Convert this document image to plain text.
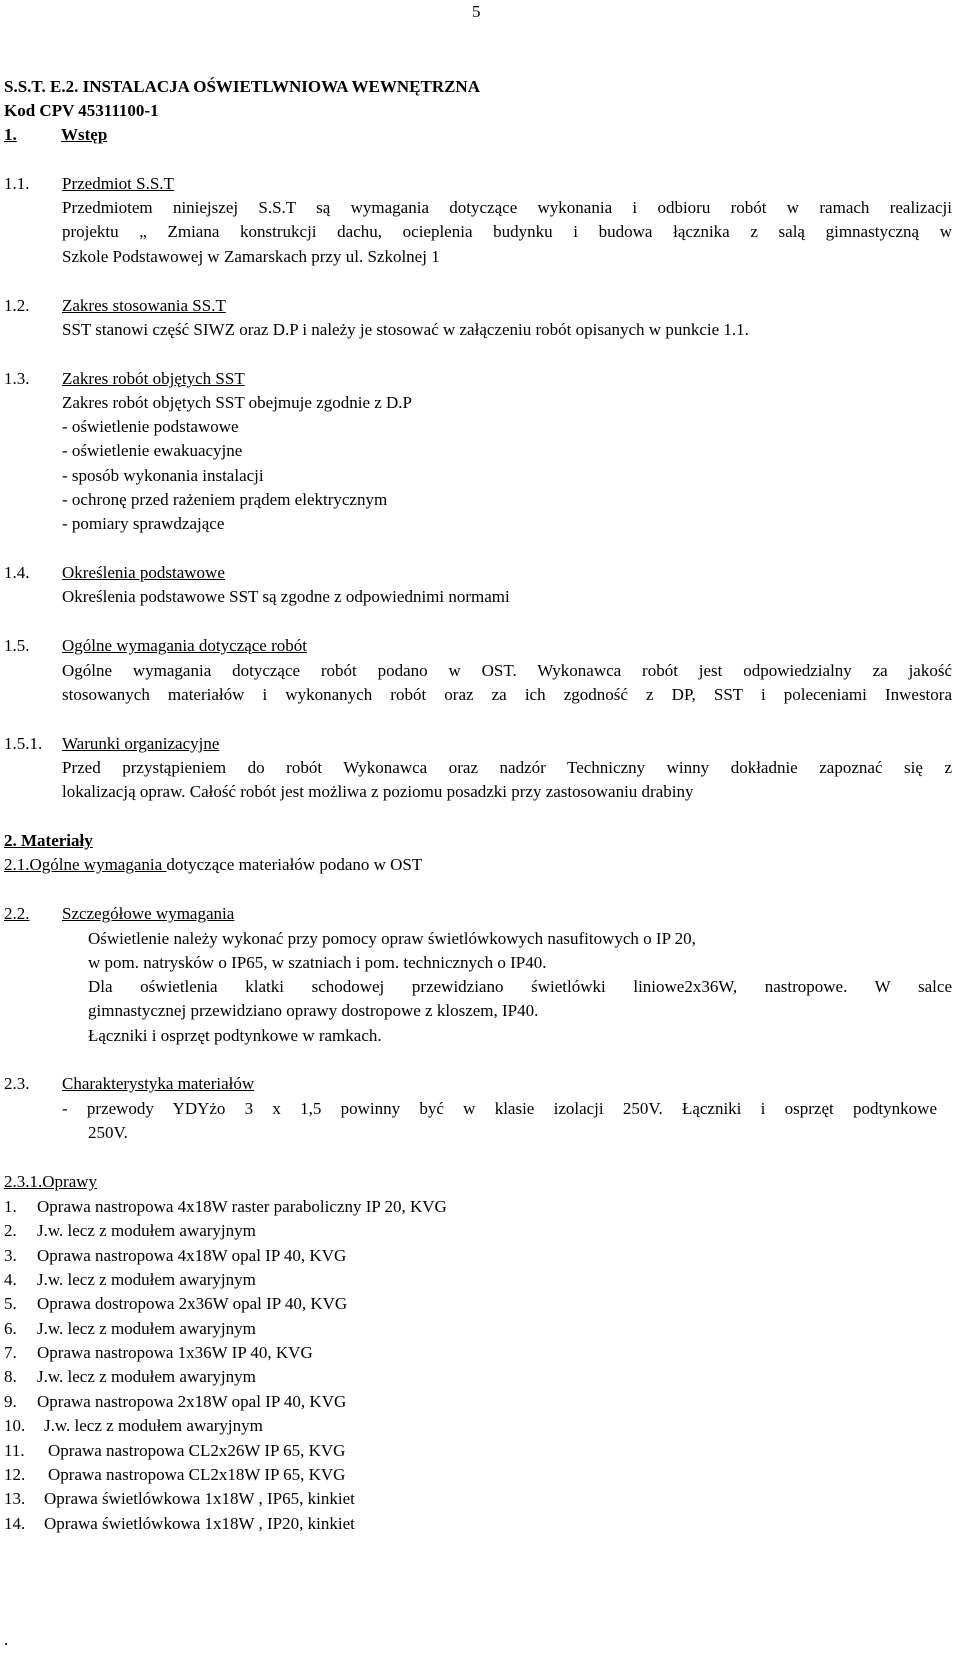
5
S.S.T. E.2. INSTALACJA OŚWIETLWNIOWA WEWNĘTRZNA
Kod CPV 45311100-1
1.	Wstęp
1.1. Przedmiot S.S.T
Przedmiotem niniejszej S.S.T są wymagania dotyczące wykonania i odbioru robót w ramach realizacji
projektu „ Zmiana konstrukcji dachu, ocieplenia budynku i budowa łącznika z salą gimnastyczną w
Szkole Podstawowej w Zamarskach przy ul. Szkolnej 1
1.2. Zakres stosowania SS.T
SST stanowi część SIWZ oraz D.P i należy je stosować w załączeniu robót opisanych w punkcie 1.1.
1.3. Zakres robót objętych SST
Zakres robót objętych SST obejmuje zgodnie z D.P
- oświetlenie podstawowe
- oświetlenie ewakuacyjne
- sposób wykonania instalacji
- ochronę przed rażeniem prądem elektrycznym
- pomiary sprawdzające
1.4. Określenia podstawowe
Określenia podstawowe SST są zgodne z odpowiednimi normami
1.5. Ogólne wymagania dotyczące robót
Ogólne wymagania dotyczące robót podano w OST. Wykonawca robót jest odpowiedzialny za jakość
stosowanych materiałów i wykonanych robót oraz za ich zgodność z DP, SST i poleceniami Inwestora
1.5.1. Warunki organizacyjne
Przed przystąpieniem do robót Wykonawca oraz nadzór Techniczny winny dokładnie zapoznać się z
lokalizacją opraw. Całość robót jest możliwa z poziomu posadzki przy zastosowaniu drabiny
2. Materiały
2.1.Ogólne wymagania dotyczące materiałów podano w OST
2.2. Szczegółowe wymagania
Oświetlenie należy wykonać przy pomocy opraw świetlówkowych nasufitowych o IP 20,
w pom. natrysków o IP65, w szatniach i pom. technicznych o IP40.
Dla oświetlenia klatki schodowej przewidziano świetlówki liniowe2x36W, nastropowe. W salce
gimnastycznej przewidziano oprawy dostropowe z kloszem, IP40.
Łączniki i osprzęt podtynkowe w ramkach.
2.3. Charakterystyka materiałów
- przewody YDYżo 3 x 1,5 powinny być w klasie izolacji 250V. Łączniki i osprzęt podtynkowe
250V.
2.3.1.Oprawy
1. Oprawa nastropowa 4x18W raster paraboliczny IP 20, KVG
2. J.w. lecz z modułem awaryjnym
3. Oprawa nastropowa 4x18W opal IP 40, KVG
4. J.w. lecz z modułem awaryjnym
5. Oprawa dostropowa 2x36W opal IP 40, KVG
6. J.w. lecz z modułem awaryjnym
7. Oprawa nastropowa 1x36W IP 40, KVG
8. J.w. lecz z modułem awaryjnym
9. Oprawa nastropowa 2x18W opal IP 40, KVG
10. J.w. lecz z modułem awaryjnym
11. Oprawa nastropowa CL2x26W IP 65, KVG
12. Oprawa nastropowa CL2x18W IP 65, KVG
13. Oprawa świetlówkowa 1x18W , IP65, kinkiet
14. Oprawa świetlówkowa 1x18W , IP20, kinkiet
.
